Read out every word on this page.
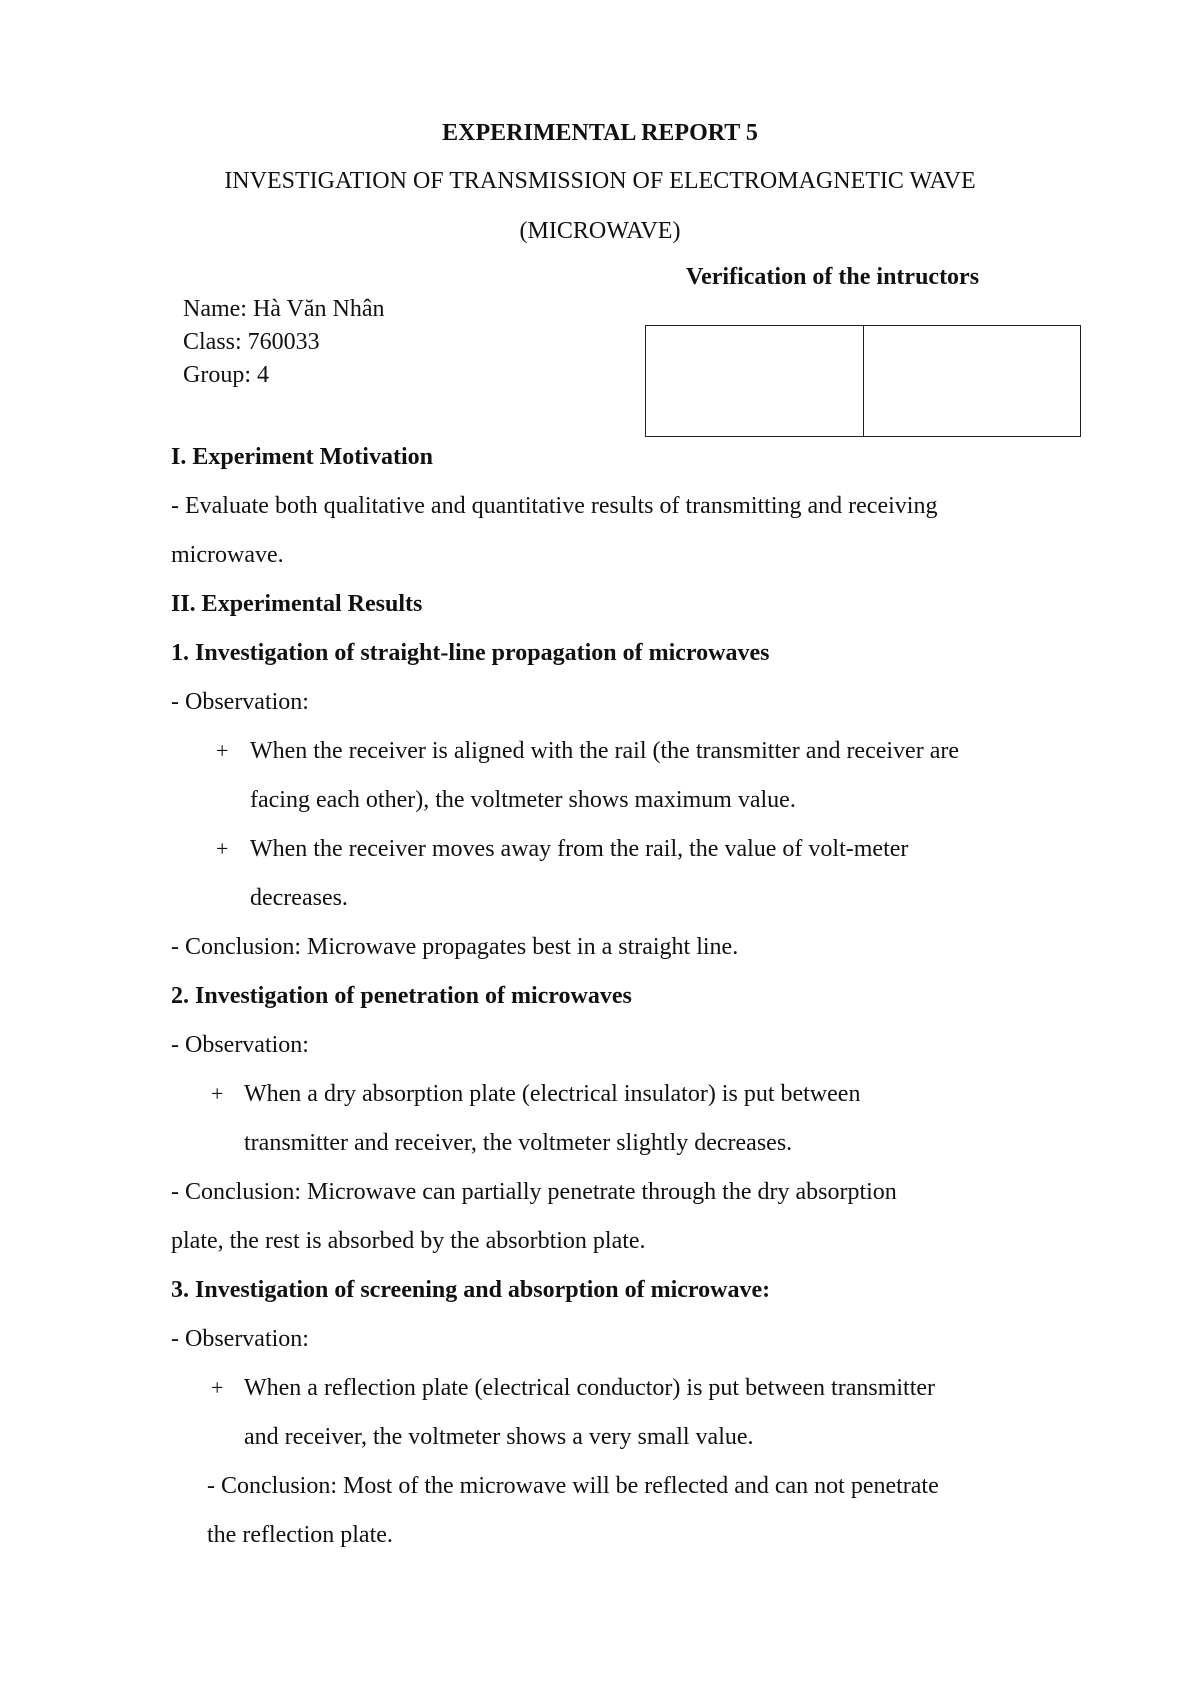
EXPERIMENTAL REPORT 5
INVESTIGATION OF TRANSMISSION OF ELECTROMAGNETIC WAVE
(MICROWAVE)
Verification of the intructors
Name: Hà Văn Nhân
Class: 760033
Group: 4
I. Experiment Motivation
- Evaluate both qualitative and quantitative results of transmitting and receiving
microwave.
II. Experimental Results
1. Investigation of straight-line propagation of microwaves
- Observation:
+ When the receiver is aligned with the rail (the transmitter and receiver are
facing each other), the voltmeter shows maximum value.
+ When the receiver moves away from the rail, the value of volt-meter
decreases.
- Conclusion: Microwave propagates best in a straight line.
2. Investigation of penetration of microwaves
- Observation:
+ When a dry absorption plate (electrical insulator) is put between
transmitter and receiver, the voltmeter slightly decreases.
- Conclusion: Microwave can partially penetrate through the dry absorption
plate, the rest is absorbed by the absorbtion plate.
3. Investigation of screening and absorption of microwave:
- Observation:
+ When a reflection plate (electrical conductor) is put between transmitter
and receiver, the voltmeter shows a very small value.
- Conclusion: Most of the microwave will be reflected and can not penetrate
the reflection plate.
